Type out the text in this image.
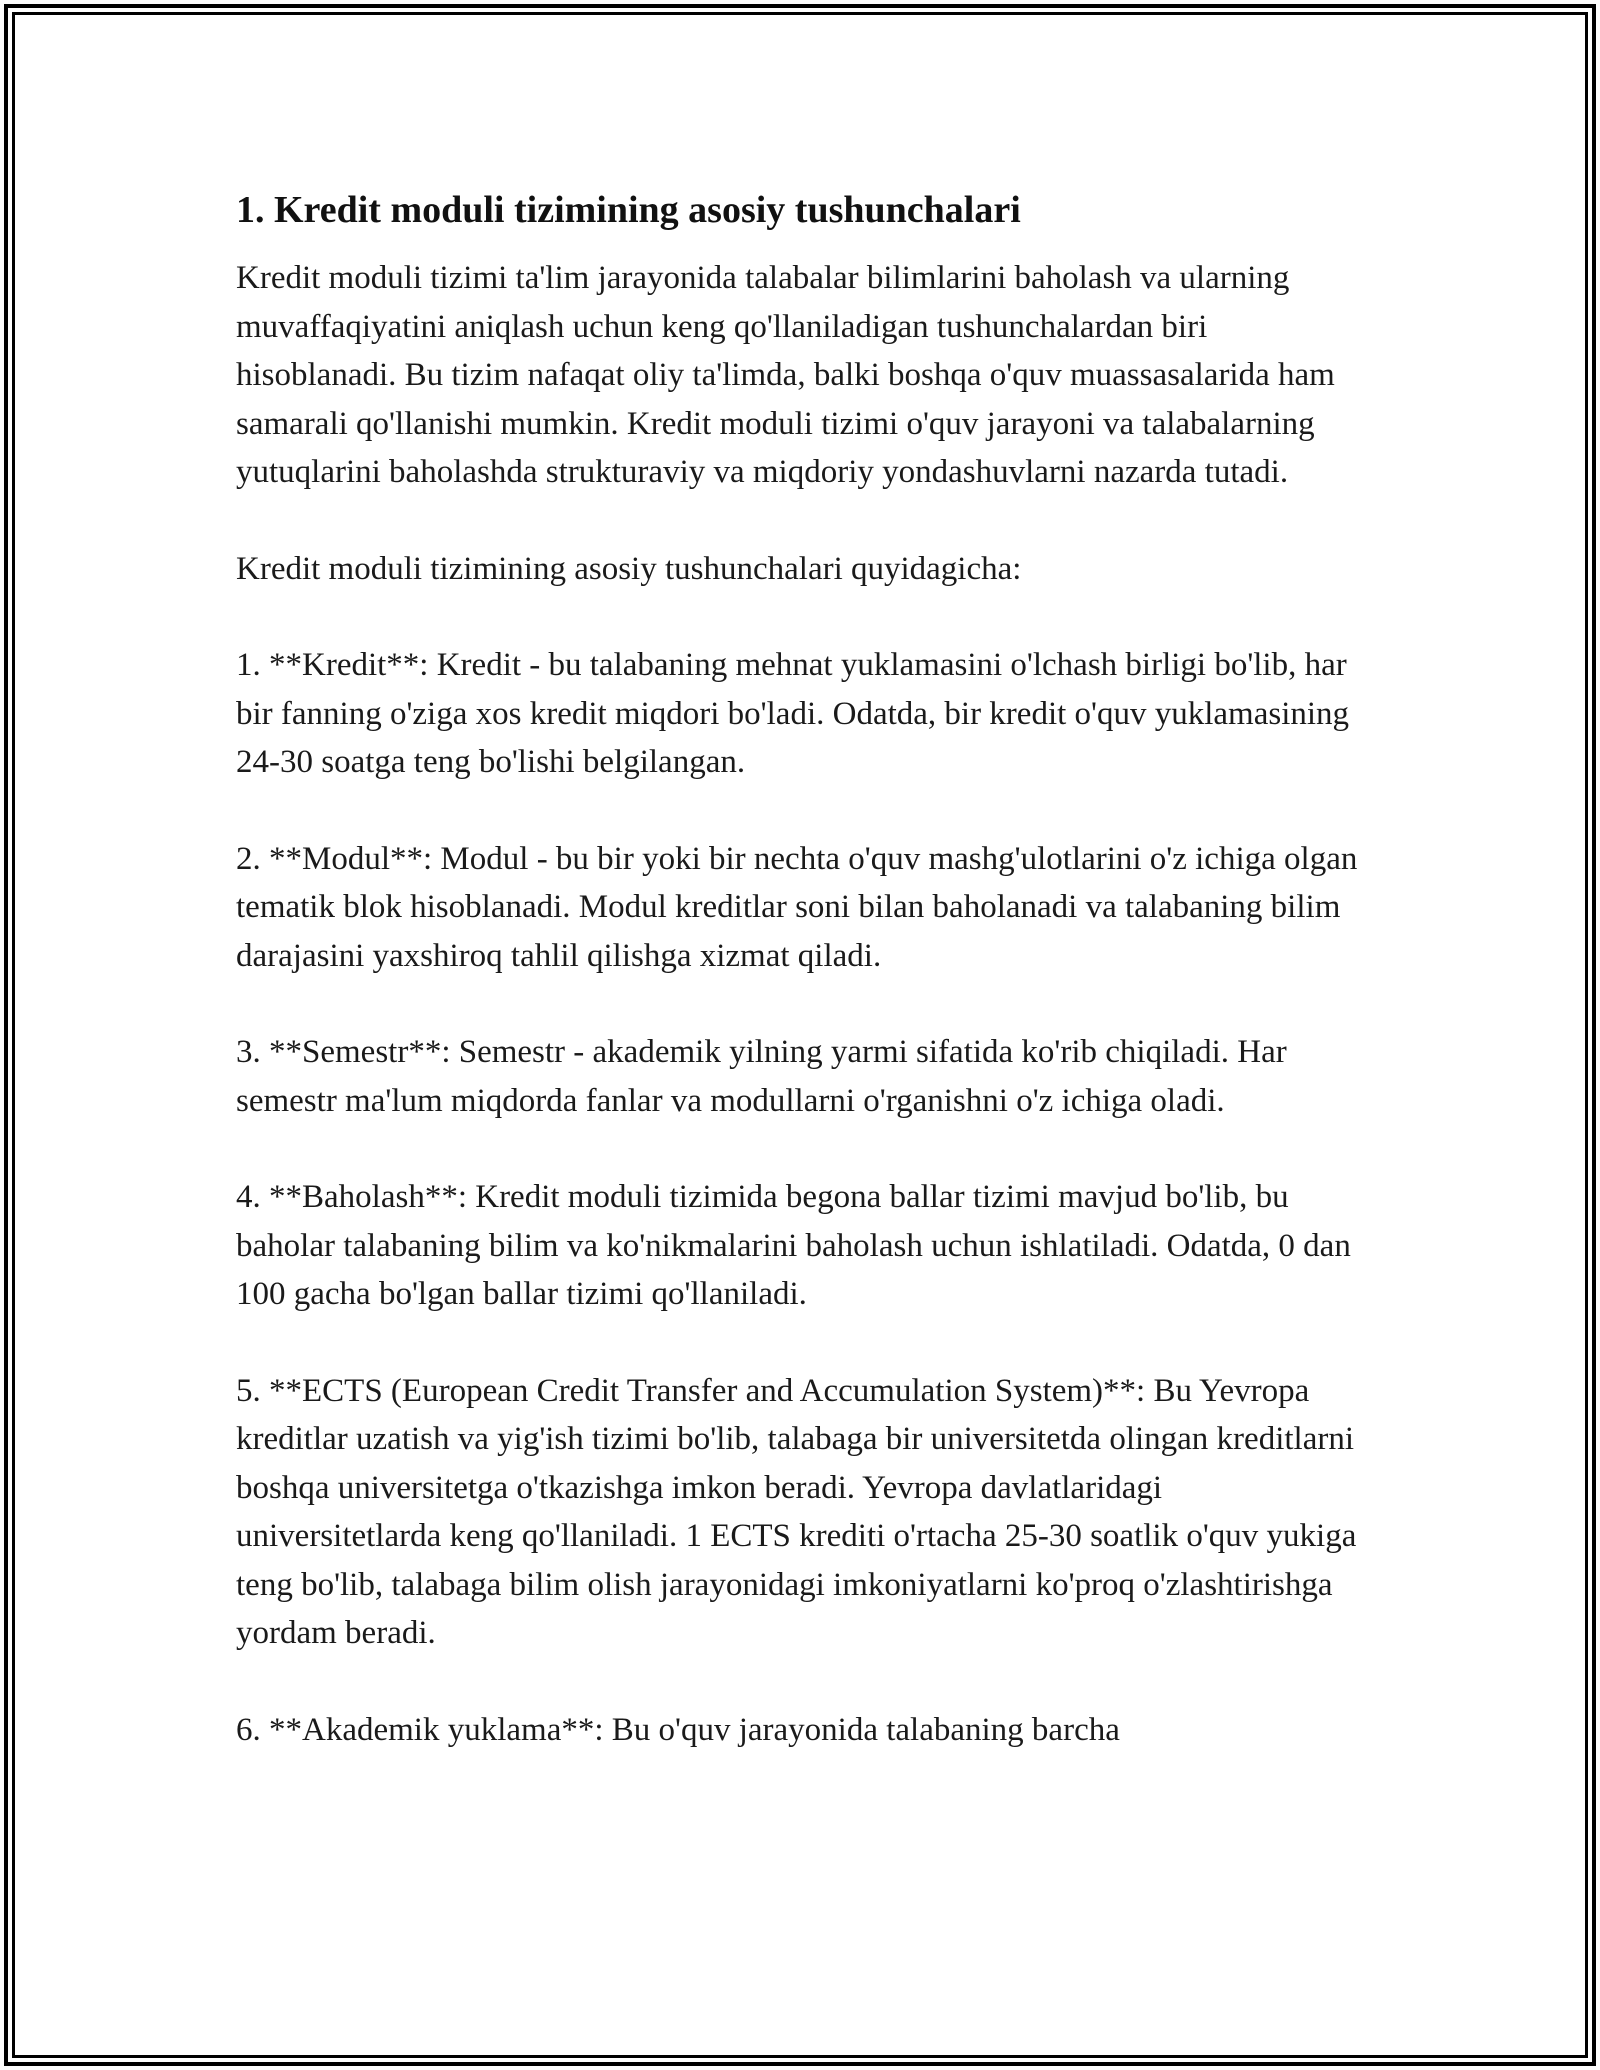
1. Kredit moduli tizimining asosiy tushunchalari

Kredit moduli tizimi ta'lim jarayonida talabalar bilimlarini baholash va ularning muvaffaqiyatini aniqlash uchun keng qo'llaniladigan tushunchalardan biri hisoblanadi. Bu tizim nafaqat oliy ta'limda, balki boshqa o'quv muassasalarida ham samarali qo'llanishi mumkin. Kredit moduli tizimi o'quv jarayoni va talabalarning yutuqlarini baholashda strukturaviy va miqdoriy yondashuvlarni nazarda tutadi.

Kredit moduli tizimining asosiy tushunchalari quyidagicha:

1. **Kredit**: Kredit - bu talabaning mehnat yuklamasini o'lchash birligi bo'lib, har bir fanning o'ziga xos kredit miqdori bo'ladi. Odatda, bir kredit o'quv yuklamasining 24-30 soatga teng bo'lishi belgilangan.

2. **Modul**: Modul - bu bir yoki bir nechta o'quv mashg'ulotlarini o'z ichiga olgan tematik blok hisoblanadi. Modul kreditlar soni bilan baholanadi va talabaning bilim darajasini yaxshiroq tahlil qilishga xizmat qiladi.

3. **Semestr**: Semestr - akademik yilning yarmi sifatida ko'rib chiqiladi. Har semestr ma'lum miqdorda fanlar va modullarni o'rganishni o'z ichiga oladi.

4. **Baholash**: Kredit moduli tizimida begona ballar tizimi mavjud bo'lib, bu baholar talabaning bilim va ko'nikmalarini baholash uchun ishlatiladi. Odatda, 0 dan 100 gacha bo'lgan ballar tizimi qo'llaniladi.

5. **ECTS (European Credit Transfer and Accumulation System)**: Bu Yevropa kreditlar uzatish va yig'ish tizimi bo'lib, talabaga bir universitetda olingan kreditlarni boshqa universitetga o'tkazishga imkon beradi. Yevropa davlatlaridagi universitetlarda keng qo'llaniladi. 1 ECTS krediti o'rtacha 25-30 soatlik o'quv yukiga teng bo'lib, talabaga bilim olish jarayonidagi imkoniyatlarni ko'proq o'zlashtirishga yordam beradi.

6. **Akademik yuklama**: Bu o'quv jarayonida talabaning barcha
